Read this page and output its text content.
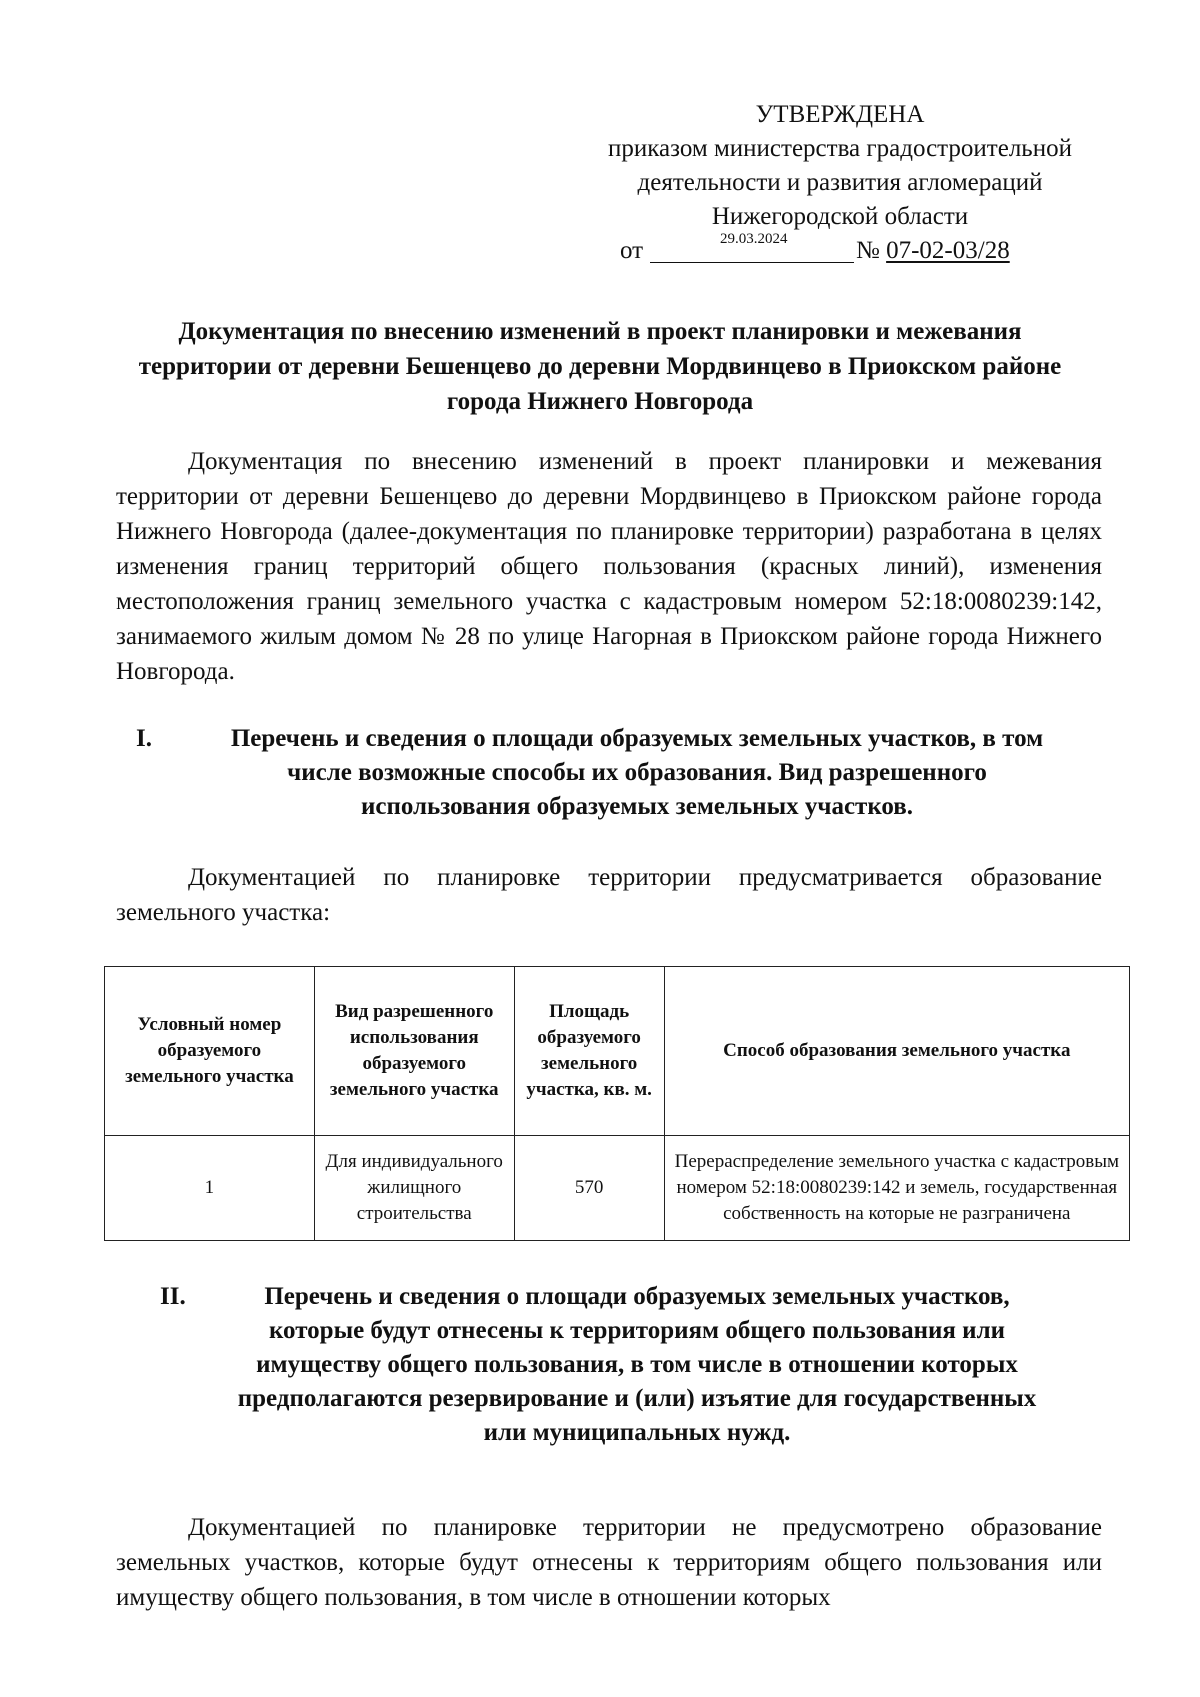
УТВЕРЖДЕНА
приказом министерства градостроительной
деятельности и развития агломераций
Нижегородской области
от	29.03.2024	№ 07-02-03/28
Документация по внесению изменений в проект планировки и межевания территории от деревни Бешенцево до деревни Мордвинцево в Приокском районе города Нижнего Новгорода
Документация по внесению изменений в проект планировки и межевания территории от деревни Бешенцево до деревни Мордвинцево в Приокском районе города Нижнего Новгорода (далее-документация по планировке территории) разработана в целях изменения границ территорий общего пользования (красных линий), изменения местоположения границ земельного участка с кадастровым номером 52:18:0080239:142, занимаемого жилым домом № 28 по улице Нагорная в Приокском районе города Нижнего Новгорода.
I.	Перечень и сведения о площади образуемых земельных участков, в том
числе возможные способы их образования. Вид разрешенного
использования образуемых земельных участков.
Документацией по планировке территории предусматривается образование земельного участка:
Условный номер образуемого земельного участка	Вид разрешенного использования образуемого земельного участка	Площадь образуемого земельного участка, кв. м.	Способ образования земельного участка
1	Для индивидуального жилищного строительства	570	Перераспределение земельного участка с кадастровым номером 52:18:0080239:142 и земель, государственная собственность на которые не разграничена
II.	Перечень и сведения о площади образуемых земельных участков,
которые будут отнесены к территориям общего пользования или
имуществу общего пользования, в том числе в отношении которых
предполагаются резервирование и (или) изъятие для государственных
или муниципальных нужд.
Документацией по планировке территории не предусмотрено образование земельных участков, которые будут отнесены к территориям общего пользования или имуществу общего пользования, в том числе в отношении которых
